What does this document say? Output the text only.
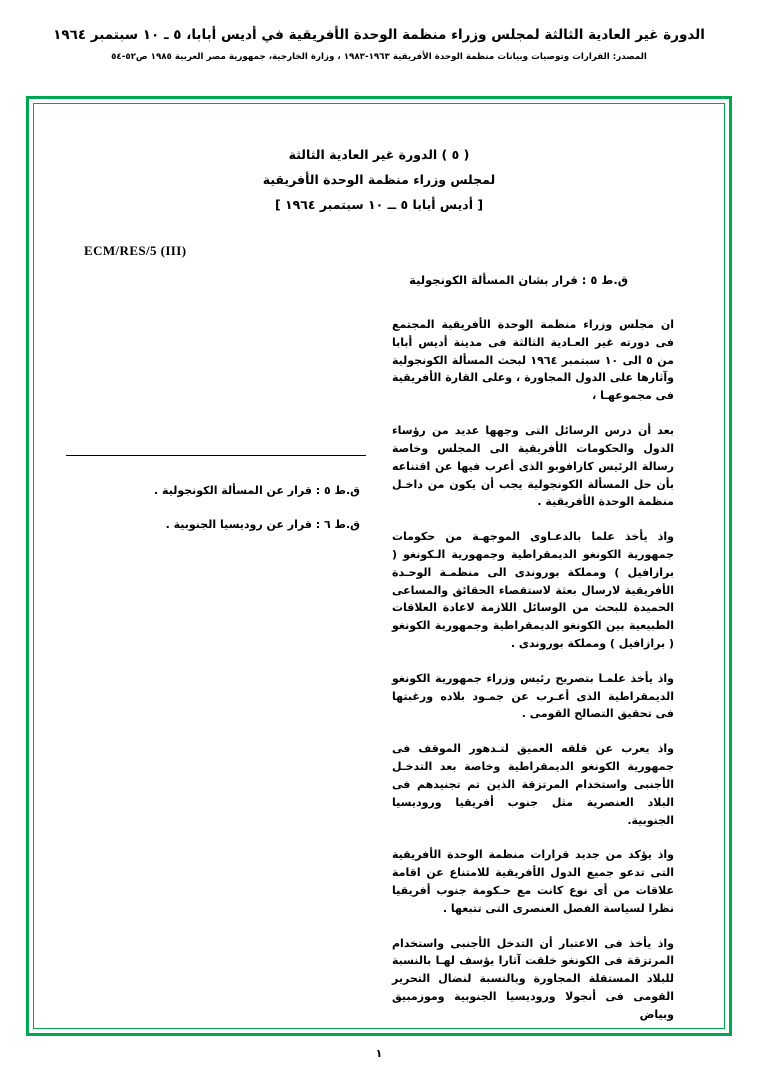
الدورة غير العادية الثالثة لمجلس وزراء منظمة الوحدة الأفريقية في أديس أبابا، ٥ ـ ١٠ سبتمبر ١٩٦٤
المصدر: القرارات وتوصيات وبيانات منظمة الوحدة الأفريقية ١٩٦٣-١٩٨٣ ، وزارة الخارجية، جمهورية مصر العربية ١٩٨٥ ص٥٢-٥٤
( ٥ ) الدورة غير العادية الثالثة
لمجلس وزراء منظمة الوحدة الأفريقية
[ أديس أبابا ٥ ــ ١٠ سبتمبر ١٩٦٤ ]
ECM/RES/5 (III)
ق.ط ٥ : قرار بشان المسألة الكونجولية

ان مجلس وزراء منظمة الوحدة الأفريقية المجتمع فى دورته غير العـادية الثالثة فى مدينة أديس أبابا من ٥ الى ١٠ سبتمبر ١٩٦٤ لبحث المسألة الكونجولية وآثارها على الدول المجاورة ، وعلى القارة الأفريقية فى مجموعهـا ،

بعد أن درس الرسائل التى وجهها عديد من رؤساء الدول والحكومات الأفريقية الى المجلس وخاصة رسالة الرئيس كازافوبو الذى أعرب فيها عن اقتناعه بأن حل المسألة الكونجولية يجب أن يكون من داخـل منظمة الوحدة الأفريقية .

واذ يأخذ علما بالدعـاوى الموجهـة من حكومات جمهورية الكونغو الديمقراطية وجمهورية الـكونغو ( برازافيل ) ومملكة بوروندى الى منظمـة الوحـدة الأفريقية لارسال بعثة لاستقصاء الحقائق والمساعى الحميدة للبحث من الوسائل اللازمة لاعادة العلاقات الطبيعية بين الكونغو الديمقراطية وجمهورية الكونغو ( برازافيل ) ومملكة بوروندى .

واذ يأخذ علمـا بتصريح رئيس وزراء جمهورية الكونغو الديمقراطية الذى أعـرب عن جمـود بلاده ورغبتها فى تحقيق التصالح القومى .

واذ يعرب عن قلقه العميق لتـدهور الموقف فى جمهورية الكونغو الديمقراطية وخاصة بعد التدخـل الأجنبى واستخدام المرتزقة الذين تم تجنيدهم فى البلاد العنصرية مثل جنوب أفريقيا وروديسيا الجنوبية.

واذ يؤكد من جديد قرارات منظمة الوحدة الأفريقية التى تدعو جميع الدول الأفريقية للامتناع عن اقامة علاقات من أى نوع كانت مع حـكومة جنوب أفريقيا نظرا لسياسة الفصل العنصرى التى تتبعها .

واذ يأخذ فى الاعتبار أن التدخل الأجنبى واستخدام المرتزقة فى الكونغو خلقت آثارا يؤسف لهـا بالنسبة للبلاد المستقلة المجاورة وبالنسبة لنضال التحرير القومى فى أنجولا وروديسيا الجنوبية وموزمبيق وبياض

ق.ط ٥ : قرار عن المسألة الكونجولية .
ق.ط ٦ : قرار عن روديسيا الجنوبية .
١
